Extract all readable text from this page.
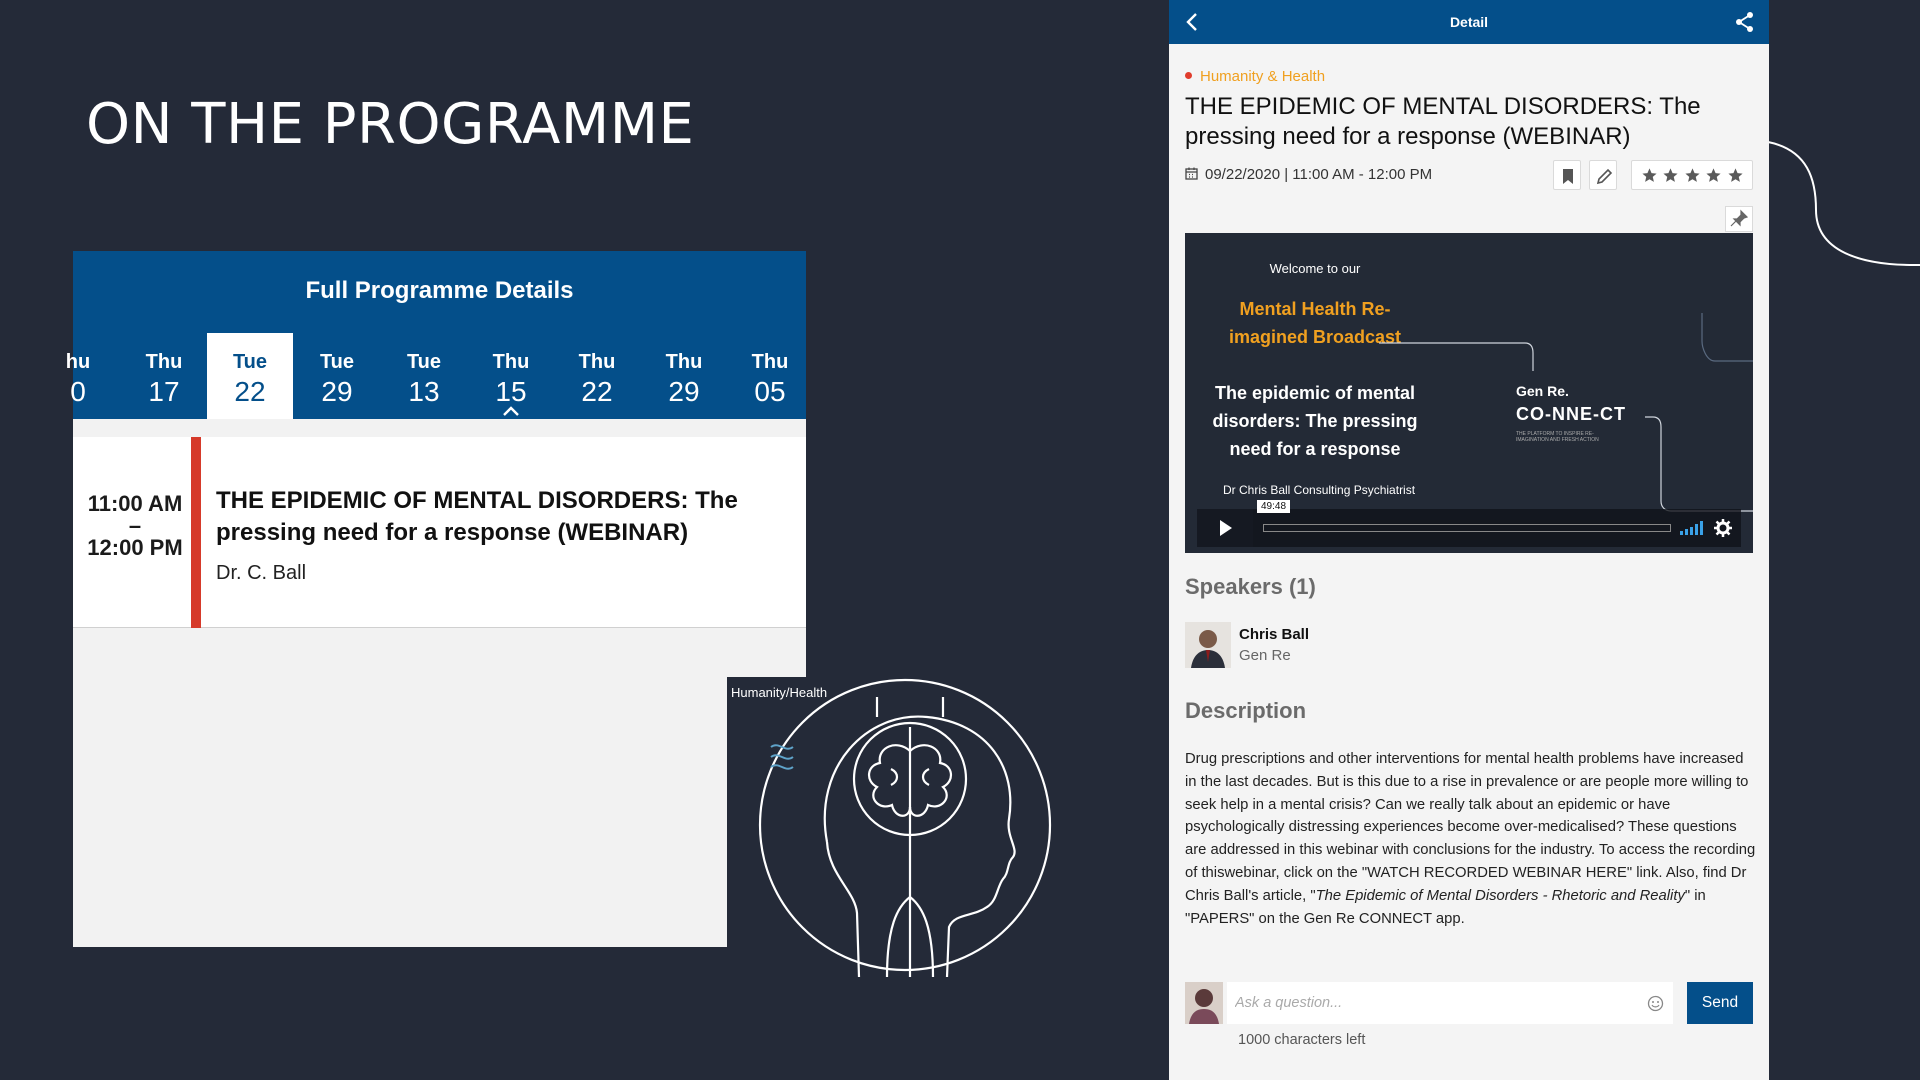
ON THE PROGRAMME
Full Programme Details
hu
0
Thu
17
Tue
22
Tue
29
Tue
13
Thu
15
Thu
22
Thu
29
Thu
05
11:00 AM
–
12:00 PM
THE EPIDEMIC OF MENTAL DISORDERS: The pressing need for a response (WEBINAR)
Dr. C. Ball
Humanity/Health
Detail
Humanity & Health
THE EPIDEMIC OF MENTAL DISORDERS: The pressing need for a response (WEBINAR)
09/22/2020 | 11:00 AM - 12:00 PM
Welcome to our
Mental Health Re-imagined Broadcast
The epidemic of mental disorders: The pressing need for a response
Dr Chris Ball Consulting Psychiatrist
Gen Re.
CO-NNE-CT
THE PLATFORM TO INSPIRE RE-IMAGINATION AND FRESH ACTION
49:48
Speakers (1)
Chris Ball
Gen Re
Description
Drug prescriptions and other interventions for mental health problems have increased in the last decades. But is this due to a rise in prevalence or are people more willing to seek help in a mental crisis? Can we really talk about an epidemic or have psychologically distressing experiences become over-medicalised? These questions are addressed in this webinar with conclusions for the industry. To access the recording of thiswebinar, click on the "WATCH RECORDED WEBINAR HERE" link. Also, find Dr Chris Ball's article, "The Epidemic of Mental Disorders - Rhetoric and Reality" in "PAPERS" on the Gen Re CONNECT app.
Ask a question...
Send
1000 characters left
